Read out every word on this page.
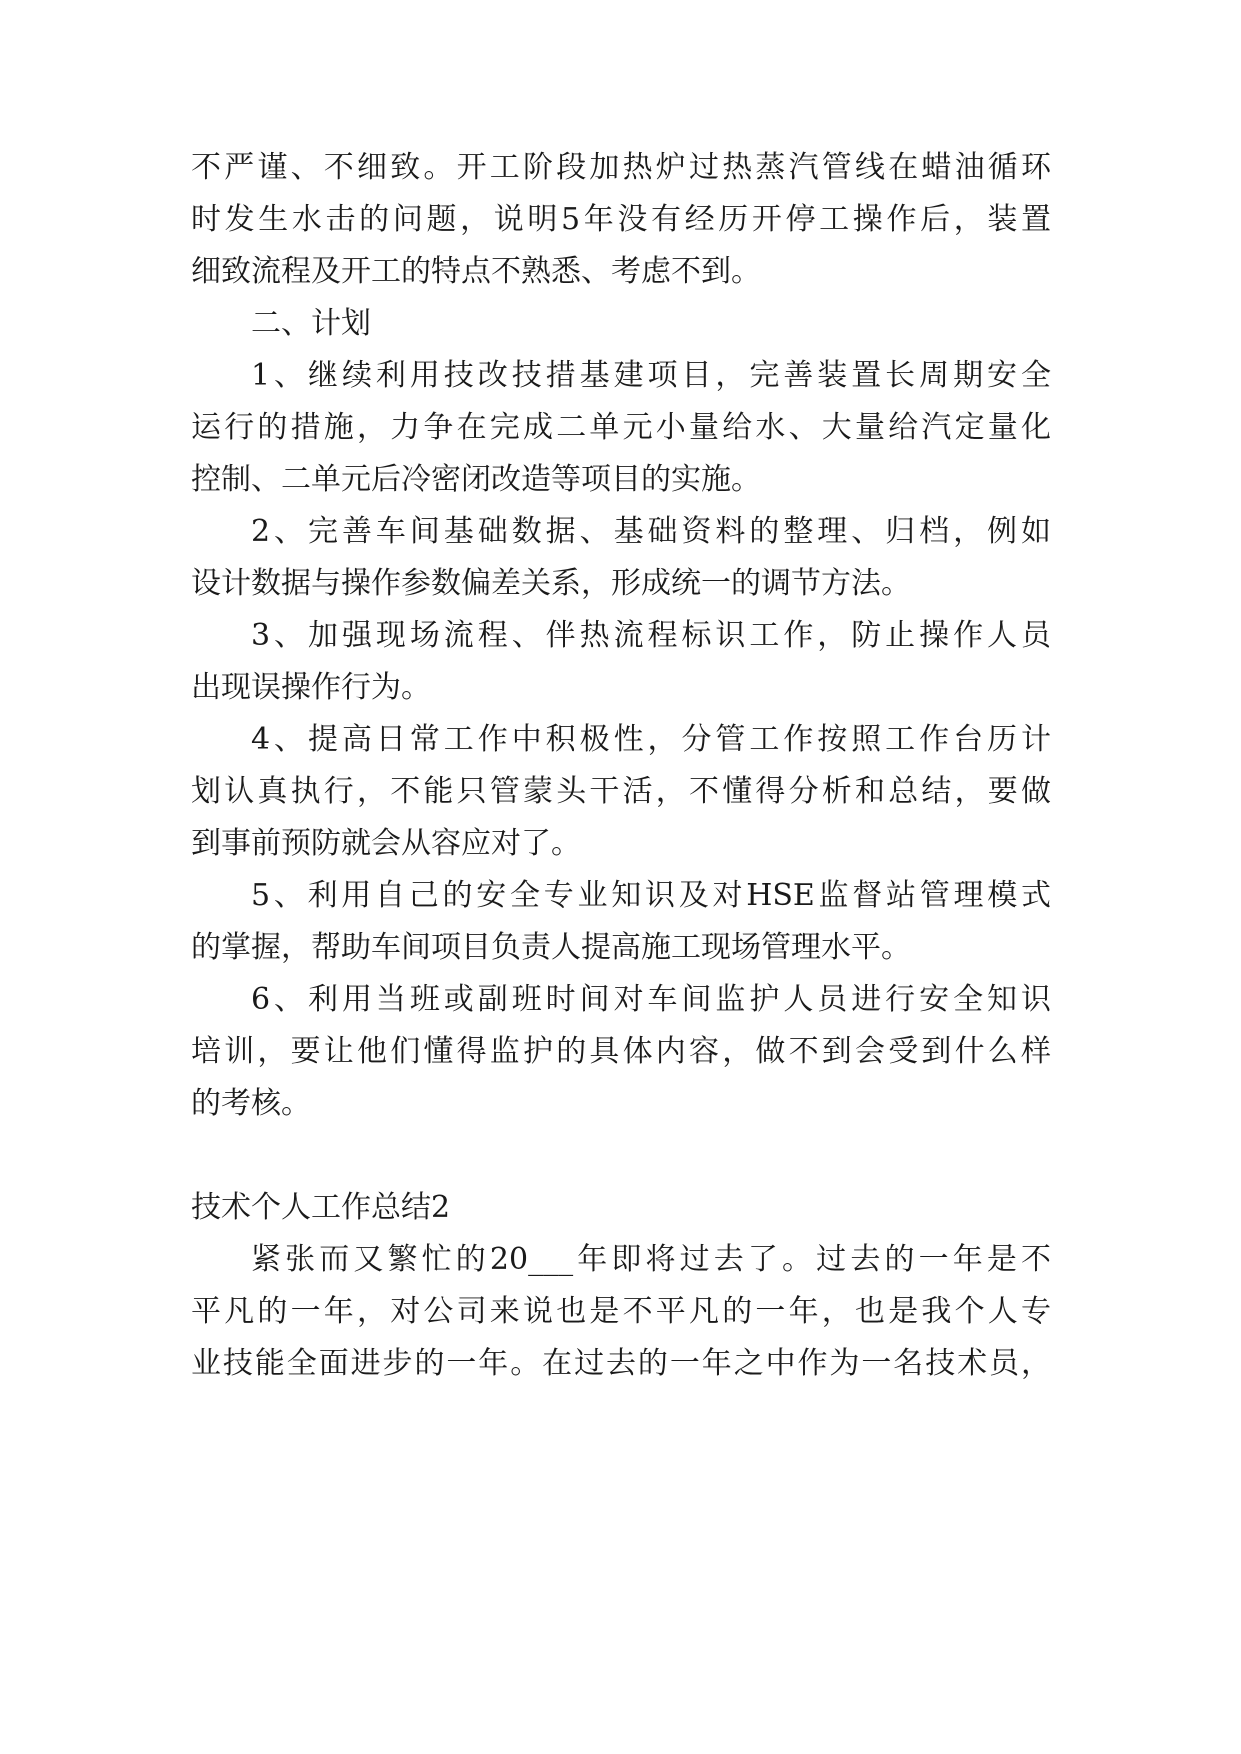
不严谨、不细致。开工阶段加热炉过热蒸汽管线在蜡油循环
时发生水击的问题，说明5年没有经历开停工操作后，装置
细致流程及开工的特点不熟悉、考虑不到。
二、计划
1、继续利用技改技措基建项目，完善装置长周期安全
运行的措施，力争在完成二单元小量给水、大量给汽定量化
控制、二单元后冷密闭改造等项目的实施。
2、完善车间基础数据、基础资料的整理、归档，例如
设计数据与操作参数偏差关系，形成统一的调节方法。
3、加强现场流程、伴热流程标识工作，防止操作人员
出现误操作行为。
4、提高日常工作中积极性，分管工作按照工作台历计
划认真执行，不能只管蒙头干活，不懂得分析和总结，要做
到事前预防就会从容应对了。
5、利用自己的安全专业知识及对HSE监督站管理模式
的掌握，帮助车间项目负责人提高施工现场管理水平。
6、利用当班或副班时间对车间监护人员进行安全知识
培训，要让他们懂得监护的具体内容，做不到会受到什么样
的考核。
技术个人工作总结2
紧张而又繁忙的20___年即将过去了。过去的一年是不
平凡的一年，对公司来说也是不平凡的一年，也是我个人专
业技能全面进步的一年。在过去的一年之中作为一名技术员，
